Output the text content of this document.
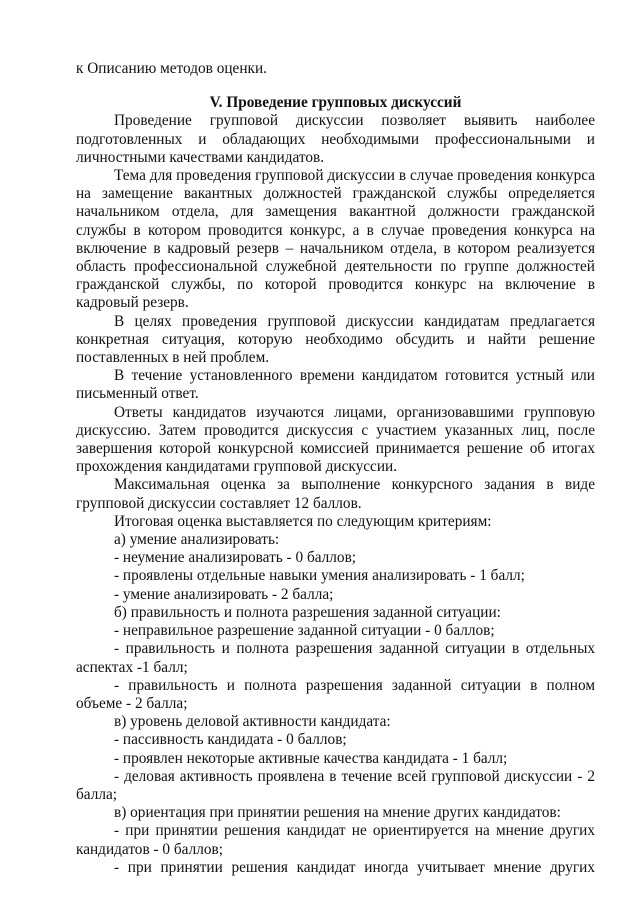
к Описанию методов оценки.

V. Проведение групповых дискуссий

Проведение групповой дискуссии позволяет выявить наиболее подготовленных и обладающих необходимыми профессиональными и личностными качествами кандидатов.

Тема для проведения групповой дискуссии в случае проведения конкурса на замещение вакантных должностей гражданской службы определяется начальником отдела, для замещения вакантной должности гражданской службы в котором проводится конкурс, а в случае проведения конкурса на включение в кадровый резерв – начальником отдела, в котором реализуется область профессиональной служебной деятельности по группе должностей гражданской службы, по которой проводится конкурс на включение в кадровый резерв.

В целях проведения групповой дискуссии кандидатам предлагается конкретная ситуация, которую необходимо обсудить и найти решение поставленных в ней проблем.

В течение установленного времени кандидатом готовится устный или письменный ответ.

Ответы кандидатов изучаются лицами, организовавшими групповую дискуссию. Затем проводится дискуссия с участием указанных лиц, после завершения которой конкурсной комиссией принимается решение об итогах прохождения кандидатами групповой дискуссии.

Максимальная оценка за выполнение конкурсного задания в виде групповой дискуссии составляет 12 баллов.

Итоговая оценка выставляется по следующим критериям:

а) умение анализировать:

- неумение анализировать - 0 баллов;

- проявлены отдельные навыки умения анализировать - 1 балл;

- умение анализировать - 2 балла;

б) правильность и полнота разрешения заданной ситуации:

- неправильное разрешение заданной ситуации - 0 баллов;

- правильность и полнота разрешения заданной ситуации в отдельных аспектах -1 балл;

- правильность и полнота разрешения заданной ситуации в полном объеме - 2 балла;

в) уровень деловой активности кандидата:

- пассивность кандидата - 0 баллов;

- проявлен некоторые активные качества кандидата - 1 балл;

- деловая активность проявлена в течение всей групповой дискуссии - 2 балла;

в) ориентация при принятии решения на мнение других кандидатов:

- при принятии решения кандидат не ориентируется на мнение других кандидатов - 0 баллов;

- при принятии решения кандидат иногда учитывает мнение других
